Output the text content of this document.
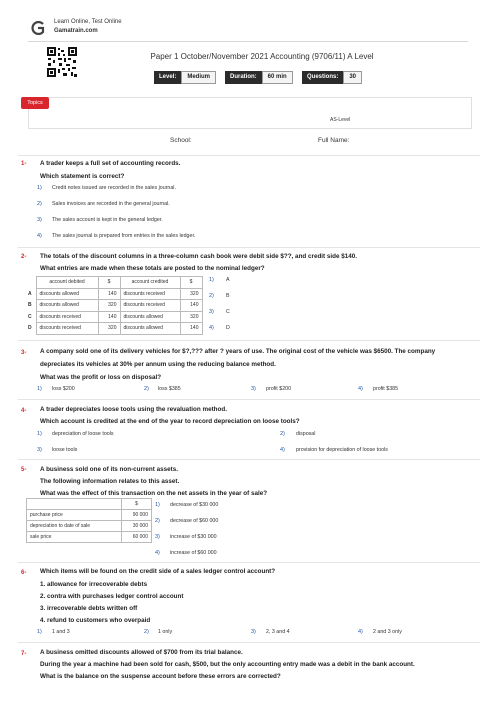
Learn Online, Test Online
Gamatrain.com
Paper 1 October/November 2021 Accounting (9706/11) A Level
Level:	Medium	Duration:	60 min	Questions:	30
Topics
AS-Level
School:	Full Name:
1- A trader keeps a full set of accounting records.
Which statement is correct?
1) Credit notes issued are recorded in the sales journal.
2) Sales invoices are recorded in the general journal.
3) The sales account is kept in the general ledger.
4) The sales journal is prepared from entries in the sales ledger.
2- The totals of the discount columns in a three-column cash book were debit side $??, and credit side $140.
What entries are made when these totals are posted to the nominal ledger?
	account debited	$	account credited	$
A	discounts allowed	140	discounts received	320
B	discounts allowed	320	discounts received	140
C	discounts received	140	discounts allowed	320
D	discounts received	320	discounts allowed	140
1) A
2) B
3) C
4) D
3- A company sold one of its delivery vehicles for $?,??? after ? years of use. The original cost of the vehicle was $6500. The company
depreciates its vehicles at 30% per annum using the reducing balance method.
What was the profit or loss on disposal?
1) loss $200	2) loss $385	3) profit $200	4) profit $385
4- A trader depreciates loose tools using the revaluation method.
Which account is credited at the end of the year to record depreciation on loose tools?
1) depreciation of loose tools	2) disposal
3) loose tools	4) provision for depreciation of loose tools
5- A business sold one of its non-current assets.
The following information relates to this asset.
What was the effect of this transaction on the net assets in the year of sale?
	$
purchase price	90 000
depreciation to date of sale	30 000
sale price	60 000
1) decrease of $30 000
2) decrease of $60 000
3) increase of $30 000
4) increase of $60 000
6- Which items will be found on the credit side of a sales ledger control account?
1. allowance for irrecoverable debts
2. contra with purchases ledger control account
3. irrecoverable debts written off
4. refund to customers who overpaid
1) 1 and 3	2) 1 only	3) 2, 3 and 4	4) 2 and 3 only
7- A business omitted discounts allowed of $700 from its trial balance.
During the year a machine had been sold for cash, $500, but the only accounting entry made was a debit in the bank account.
What is the balance on the suspense account before these errors are corrected?
